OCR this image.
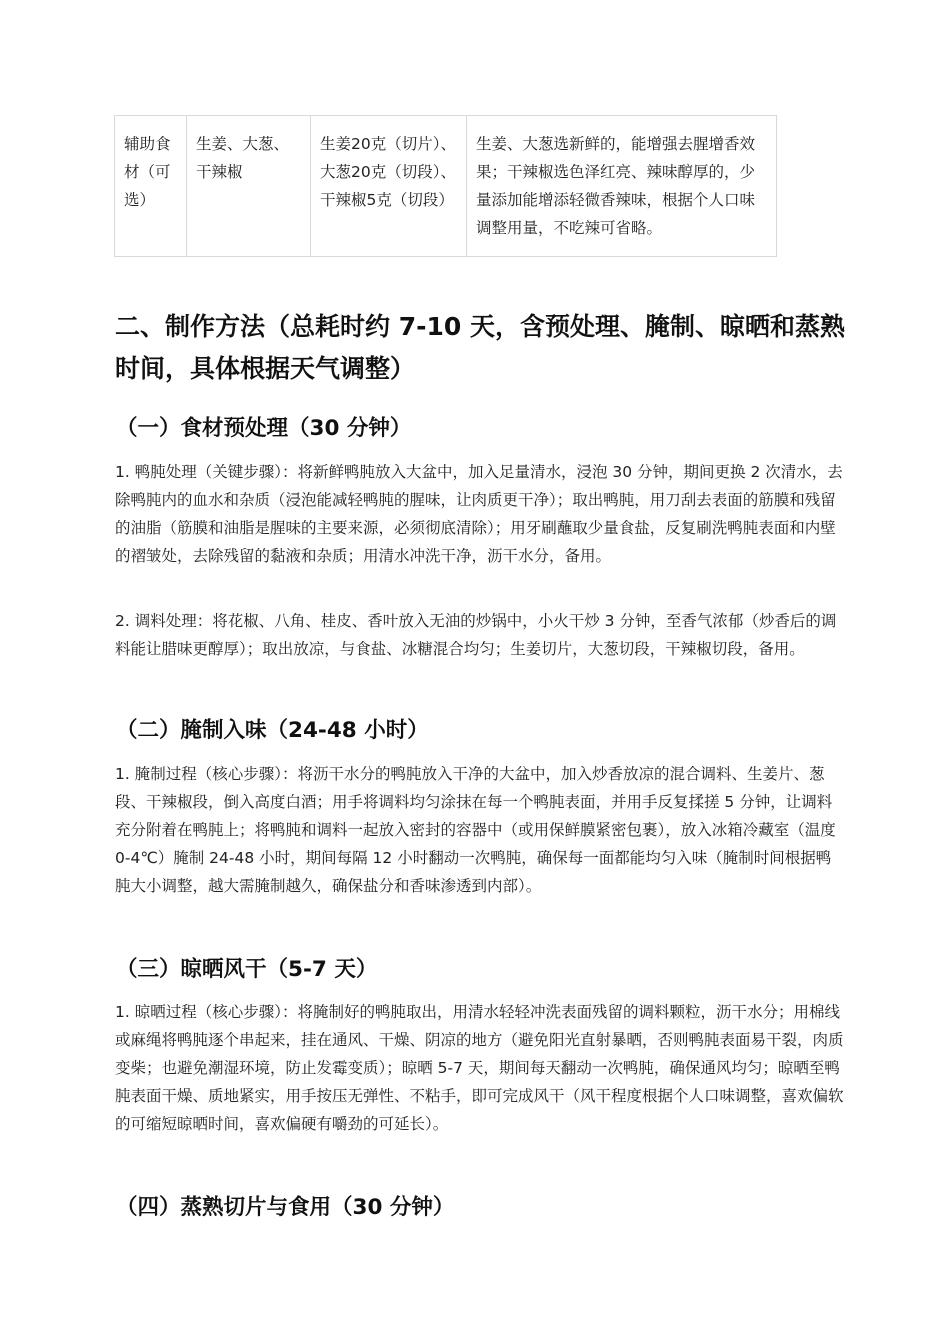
辅助食材（可选）	生姜、大葱、干辣椒	生姜20克（切片）、大葱20克（切段）、干辣椒5克（切段）	生姜、大葱选新鲜的，能增强去腥增香效果；干辣椒选色泽红亮、辣味醇厚的，少量添加能增添轻微香辣味，根据个人口味调整用量，不吃辣可省略。
二、制作方法（总耗时约 7-10 天，含预处理、腌制、晾晒和蒸熟时间，具体根据天气调整）
（一）食材预处理（30 分钟）

1. 鸭肫处理（关键步骤）：将新鲜鸭肫放入大盆中，加入足量清水，浸泡 30 分钟，期间更换 2 次清水，去除鸭肫内的血水和杂质（浸泡能减轻鸭肫的腥味，让肉质更干净）；取出鸭肫，用刀刮去表面的筋膜和残留的油脂（筋膜和油脂是腥味的主要来源，必须彻底清除）；用牙刷蘸取少量食盐，反复刷洗鸭肫表面和内壁的褶皱处，去除残留的黏液和杂质；用清水冲洗干净，沥干水分，备用。

2. 调料处理：将花椒、八角、桂皮、香叶放入无油的炒锅中，小火干炒 3 分钟，至香气浓郁（炒香后的调料能让腊味更醇厚）；取出放凉，与食盐、冰糖混合均匀；生姜切片，大葱切段，干辣椒切段，备用。

（二）腌制入味（24-48 小时）

1. 腌制过程（核心步骤）：将沥干水分的鸭肫放入干净的大盆中，加入炒香放凉的混合调料、生姜片、葱段、干辣椒段，倒入高度白酒；用手将调料均匀涂抹在每一个鸭肫表面，并用手反复揉搓 5 分钟，让调料充分附着在鸭肫上；将鸭肫和调料一起放入密封的容器中（或用保鲜膜紧密包裹），放入冰箱冷藏室（温度 0-4℃）腌制 24-48 小时，期间每隔 12 小时翻动一次鸭肫，确保每一面都能均匀入味（腌制时间根据鸭肫大小调整，越大需腌制越久，确保盐分和香味渗透到内部）。

（三）晾晒风干（5-7 天）

1. 晾晒过程（核心步骤）：将腌制好的鸭肫取出，用清水轻轻冲洗表面残留的调料颗粒，沥干水分；用棉线或麻绳将鸭肫逐个串起来，挂在通风、干燥、阴凉的地方（避免阳光直射暴晒，否则鸭肫表面易干裂，肉质变柴；也避免潮湿环境，防止发霉变质）；晾晒 5-7 天，期间每天翻动一次鸭肫，确保通风均匀；晾晒至鸭肫表面干燥、质地紧实，用手按压无弹性、不粘手，即可完成风干（风干程度根据个人口味调整，喜欢偏软的可缩短晾晒时间，喜欢偏硬有嚼劲的可延长）。

（四）蒸熟切片与食用（30 分钟）
